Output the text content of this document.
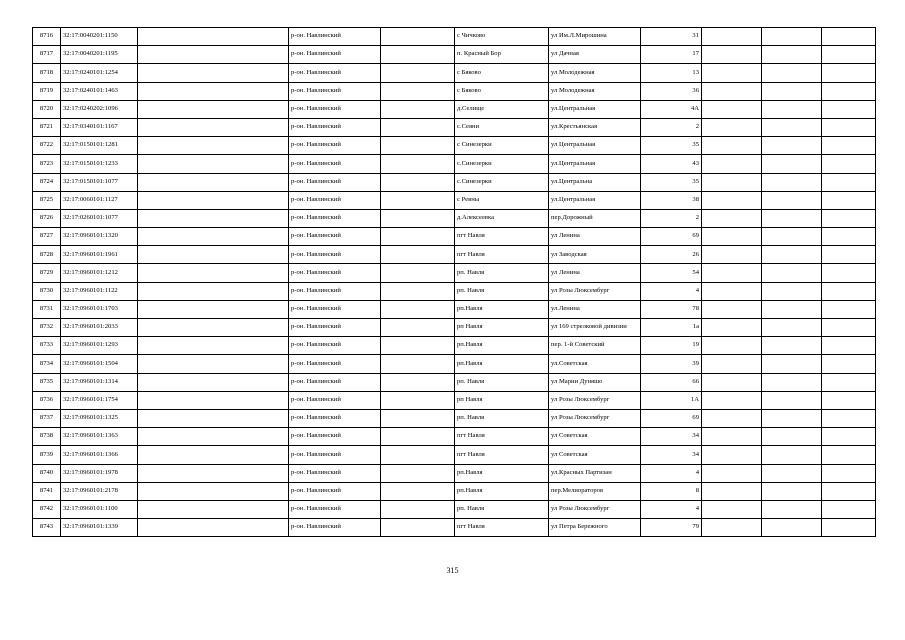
8716	32:17:0040201:1150		р-он. Навлинский		с Чичково	ул Им.Л.Мирошина	31			
8717	32:17:0040201:1195		р-он. Навлинский		п. Красный Бор	ул Дачная	17			
8718	32:17:0240101:1254		р-он. Навлинский		с Бяково	ул Молодежная	13			
8719	32:17:0240101:1463		р-он. Навлинский		с Бяково	ул Молодежная	36			
8720	32:17:0240202:1096		р-он. Навлинский		д.Селище	ул.Центральная	4А			
8721	32:17:0340101:1167		р-он. Навлинский		с.Сеяни	ул.Крестьянская	2			
8722	32:17:0150101:1281		р-он. Навлинский		с Синезерки	ул Центральная	35			
8723	32:17:0150101:1233		р-он. Навлинский		с.Синезерки	ул.Центральная	43			
8724	32:17:0150101:1077		р-он. Навлинский		с.Синезерки	ул.Центральна	35			
8725	32:17:0060101:1127		р-он. Навлинский		с Ревны	ул.Центральная	38			
8726	32:17:0260101:1077		р-он. Навлинский		д.Алексеевка	пер.Дорожный	2			
8727	32:17:0960101:1320		р-он. Навлинский		пгт Навля	ул Ленина	69			
8728	32:17:0960101:1961		р-он. Навлинский		пгт Навля	ул Заводская	26			
8729	32:17:0960101:1212		р-он. Навлинский		рп. Навля	ул Ленина	54			
8730	32:17:0960101:1122		р-он. Навлинский		рп. Навля	ул Розы Люксембург	4			
8731	32:17:0960101:1703		р-он. Навлинский		рп.Навля	ул.Ленина	78			
8732	32:17:0960101:2033		р-он. Навлинский		рп Навля	ул 169 стрелковой дивизии	1а			
8733	32:17:0960101:1293		р-он. Навлинский		рп.Навля	пер. 1-й Советский	19			
8734	32:17:0960101:1504		р-он. Навлинский		рп.Навля	ул.Советская	39			
8735	32:17:0960101:1314		р-он. Навлинский		рп. Навля	ул Марии Дуняшо	66			
8736	32:17:0960101:1754		р-он. Навлинский		рп Навля	ул Розы Люксембург	1А			
8737	32:17:0960101:1325		р-он. Навлинский		рп. Навля	ул Розы Люксембург	69			
8738	32:17:0960101:1363		р-он. Навлинский		пгт Навля	ул Советская	34			
8739	32:17:0960101:1366		р-он. Навлинский		пгт Навля	ул Советская	34			
8740	32:17:0960101:1978		р-он. Навлинский		рп.Навля	ул.Красных Партизан	4			
8741	32:17:0960101:2178		р-он. Навлинский		рп.Навля	пер.Мелиораторов	8			
8742	32:17:0960101:1100		р-он. Навлинский		рп. Навля	ул Розы Люксембург	4			
8743	32:17:0960101:1339		р-он. Навлинский		пгт Навля	ул Петра Бережного	79			
315
